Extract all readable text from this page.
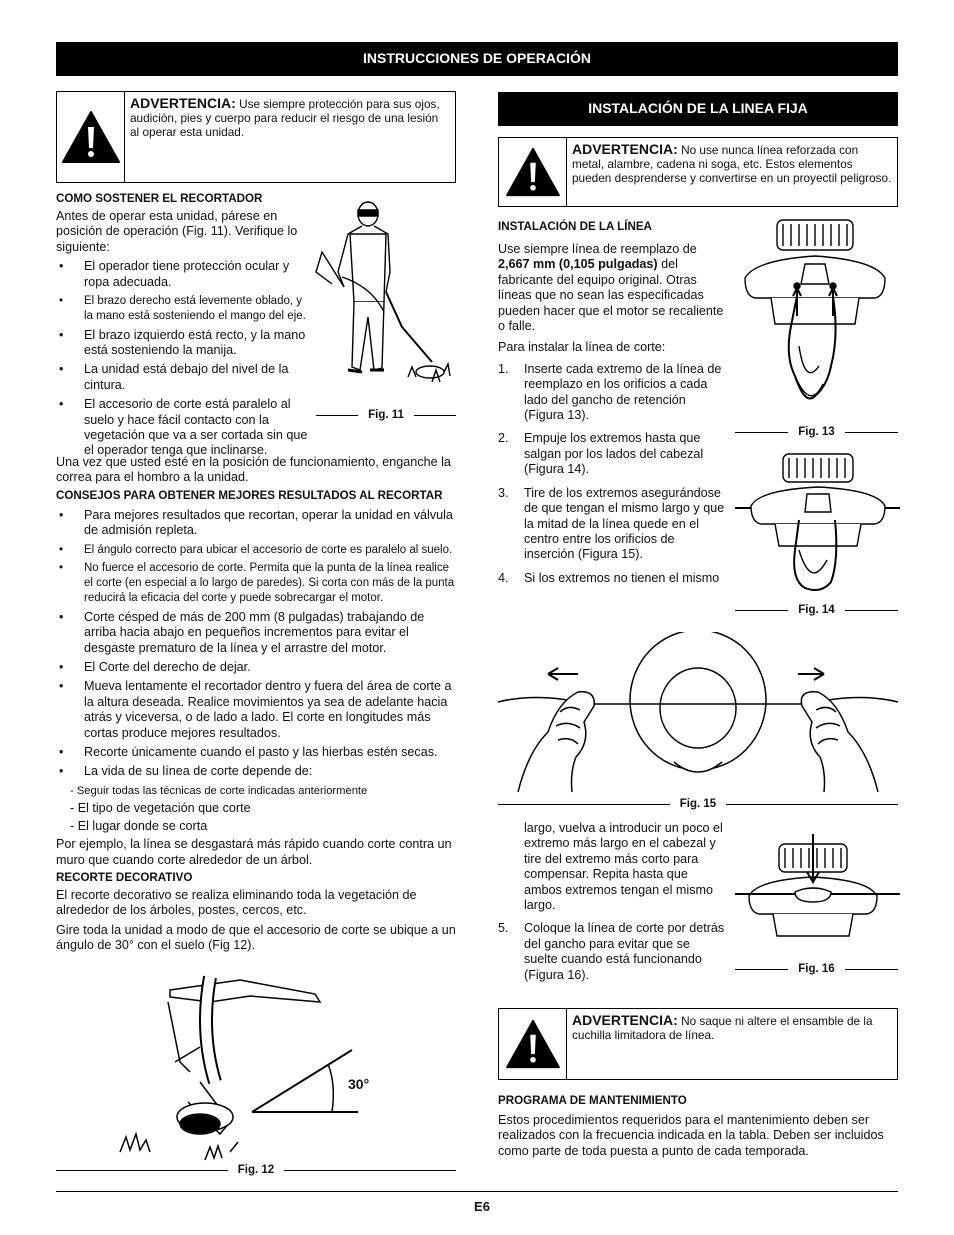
INSTRUCCIONES DE OPERACIÓN
ADVERTENCIA: Use siempre protección para sus ojos, audición, pies y cuerpo para reducir el riesgo de una lesión al operar esta unidad.
COMO SOSTENER EL RECORTADOR

Antes de operar esta unidad, párese en posición de operación (Fig. 11). Verifique lo siguiente:

• El operador tiene protección ocular y ropa adecuada.
• El brazo derecho está levemente oblado, y la mano está sosteniendo el mango del eje.
• El brazo izquierdo está recto, y la mano está sosteniendo la manija.
• La unidad está debajo del nivel de la cintura.
• El accesorio de corte está paralelo al suelo y hace fácil contacto con la vegetación que va a ser cortada sin que el operador tenga que inclinarse.
Fig. 11

Una vez que usted esté en la posición de funcionamiento, enganche la correa para el hombro a la unidad.

CONSEJOS PARA OBTENER MEJORES RESULTADOS AL RECORTAR

• Para mejores resultados que recortan, operar la unidad en válvula de admisión repleta.
• El ángulo correcto para ubicar el accesorio de corte es paralelo al suelo.
• No fuerce el accesorio de corte. Permita que la punta de la línea realice el corte (en especial a lo largo de paredes). Si corta con más de la punta reducirá la eficacia del corte y puede sobrecargar el motor.
• Corte césped de más de 200 mm (8 pulgadas) trabajando de arriba hacia abajo en pequeños incrementos para evitar el desgaste prematuro de la línea y el arrastre del motor.
• El Corte del derecho de dejar.
• Mueva lentamente el recortador dentro y fuera del área de corte a la altura deseada. Realice movimientos ya sea de adelante hacia atrás y viceversa, o de lado a lado. El corte en longitudes más cortas produce mejores resultados.
• Recorte únicamente cuando el pasto y las hierbas estén secas.
• La vida de su línea de corte depende de:
- Seguir todas las técnicas de corte indicadas anteriormente
- El tipo de vegetación que corte
- El lugar donde se corta

Por ejemplo, la línea se desgastará más rápido cuando corte contra un muro que cuando corte alrededor de un árbol.

RECORTE DECORATIVO

El recorte decorativo se realiza eliminando toda la vegetación de alrededor de los árboles, postes, cercos, etc.

Gire toda la unidad a modo de que el accesorio de corte se ubique a un ángulo de 30° con el suelo (Fig 12).

30°
Fig. 12
INSTALACIÓN DE LA LINEA FIJA
ADVERTENCIA: No use nunca línea reforzada con metal, alambre, cadena ni soga, etc. Estos elementos pueden desprenderse y convertirse en un proyectil peligroso.
INSTALACIÓN DE LA LÍNEA

Use siempre línea de reemplazo de 2,667 mm (0,105 pulgadas) del fabricante del equipo original. Otras líneas que no sean las especificadas pueden hacer que el motor se recaliente o falle.

Para instalar la línea de corte:

1. Inserte cada extremo de la línea de reemplazo en los orificios a cada lado del gancho de retención (Figura 13).
2. Empuje los extremos hasta que salgan por los lados del cabezal (Figura 14).
3. Tire de los extremos asegurándose de que tengan el mismo largo y que la mitad de la línea quede en el centro entre los orificios de inserción (Figura 15).
4. Si los extremos no tienen el mismo
Fig. 13
Fig. 14
Fig. 15

largo, vuelva a introducir un poco el extremo más largo en el cabezal y tire del extremo más corto para compensar. Repita hasta que ambos extremos tengan el mismo largo.

5. Coloque la línea de corte por detrás del gancho para evitar que se suelte cuando está funcionando (Figura 16).	Fig. 16
ADVERTENCIA: No saque ni altere el ensamble de la cuchilla limitadora de línea.
PROGRAMA DE MANTENIMIENTO
Estos procedimientos requeridos para el mantenimiento deben ser realizados con la frecuencia indicada en la tabla. Deben ser incluidos como parte de toda puesta a punto de cada temporada.
E6
